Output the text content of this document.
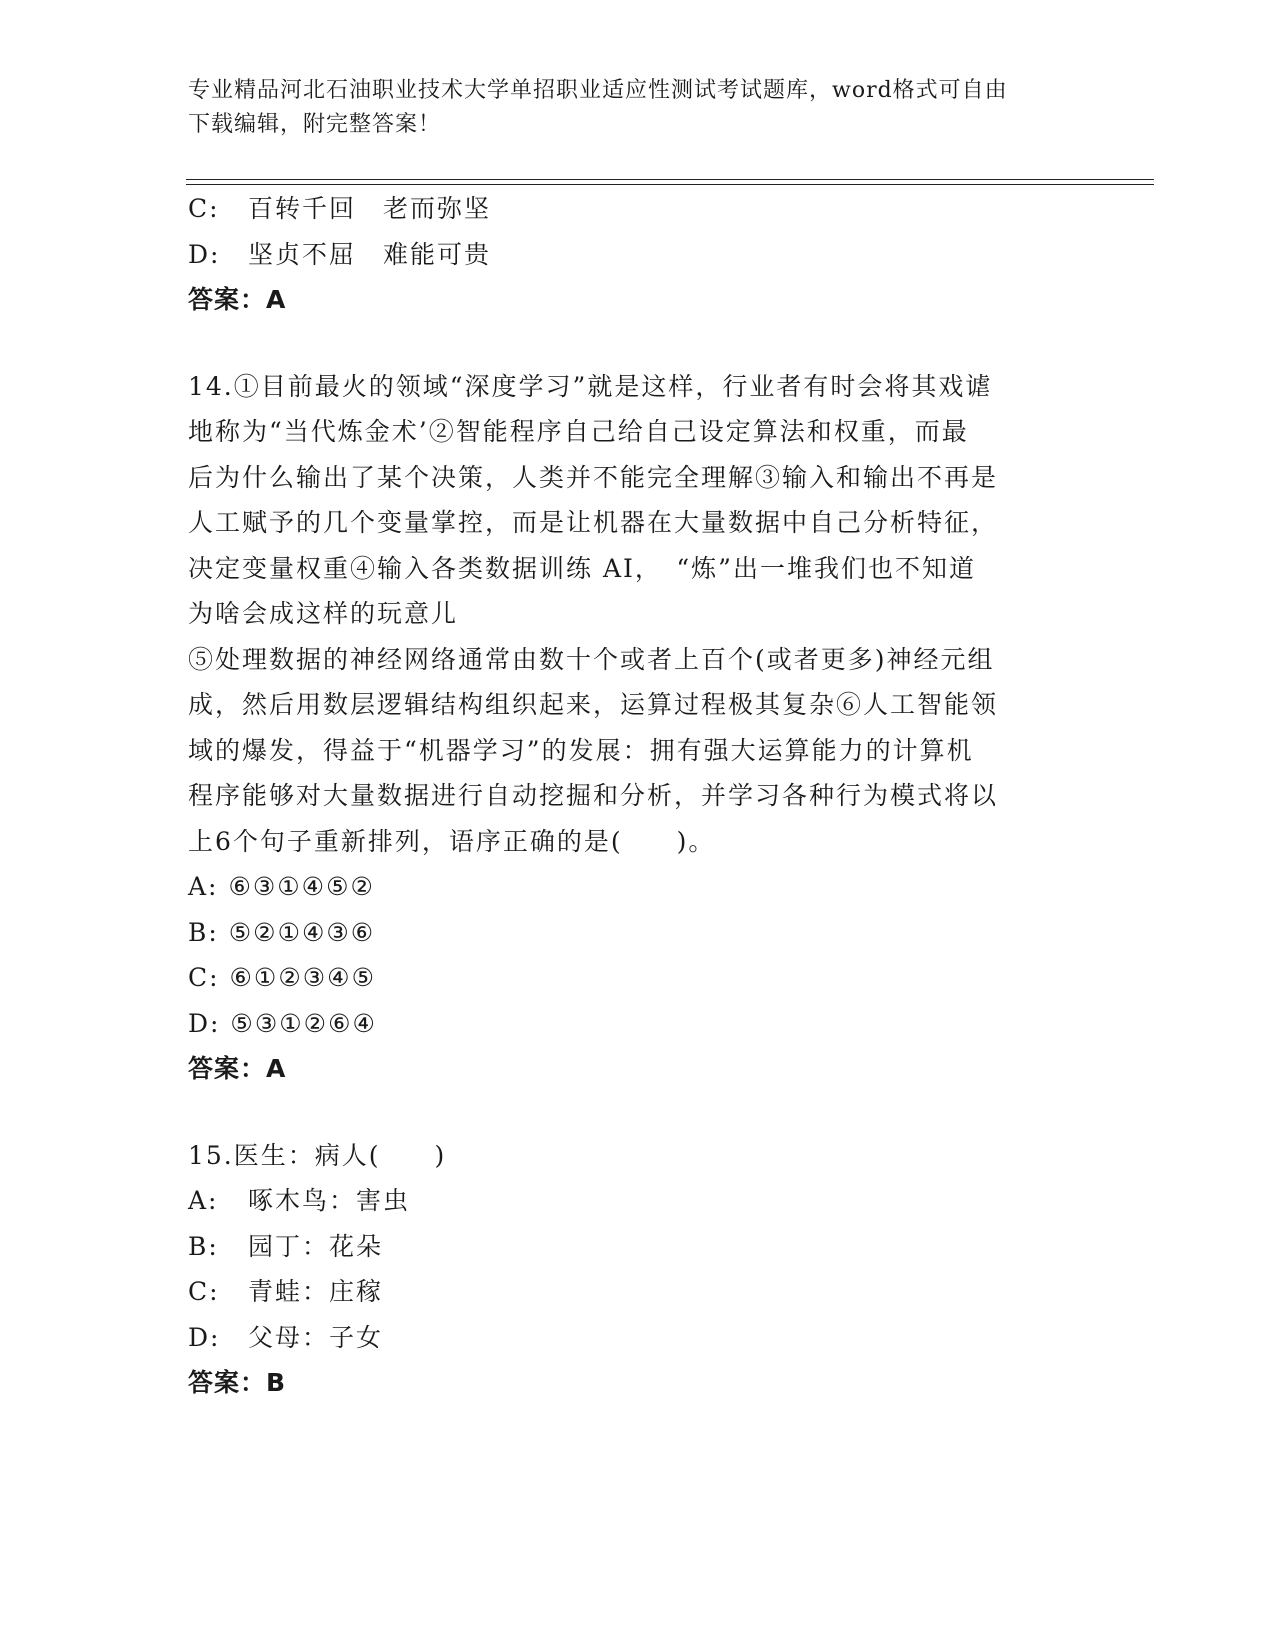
专业精品河北石油职业技术大学单招职业适应性测试考试题库，word格式可自由
下载编辑，附完整答案！
C: 百转千回　老而弥坚
D: 坚贞不屈　难能可贵
答案：A
14.①目前最火的领域“深度学习”就是这样，行业者有时会将其戏谑
地称为“当代炼金术’②智能程序自己给自己设定算法和权重，而最
后为什么输出了某个决策，人类并不能完全理解③输入和输出不再是
人工赋予的几个变量掌控，而是让机器在大量数据中自己分析特征，
决定变量权重④输入各类数据训练 AI，　“炼”出一堆我们也不知道
为啥会成这样的玩意儿
⑤处理数据的神经网络通常由数十个或者上百个(或者更多)神经元组
成，然后用数层逻辑结构组织起来，运算过程极其复杂⑥人工智能领
域的爆发，得益于“机器学习”的发展：拥有强大运算能力的计算机
程序能够对大量数据进行自动挖掘和分析，并学习各种行为模式将以
上6个句子重新排列，语序正确的是(　　)。
A: ⑥③①④⑤②
B: ⑤②①④③⑥
C: ⑥①②③④⑤
D: ⑤③①②⑥④
答案：A
15.医生：病人(　　)
A: 啄木鸟：害虫
B: 园丁：花朵
C: 青蛙：庄稼
D: 父母：子女
答案：B
